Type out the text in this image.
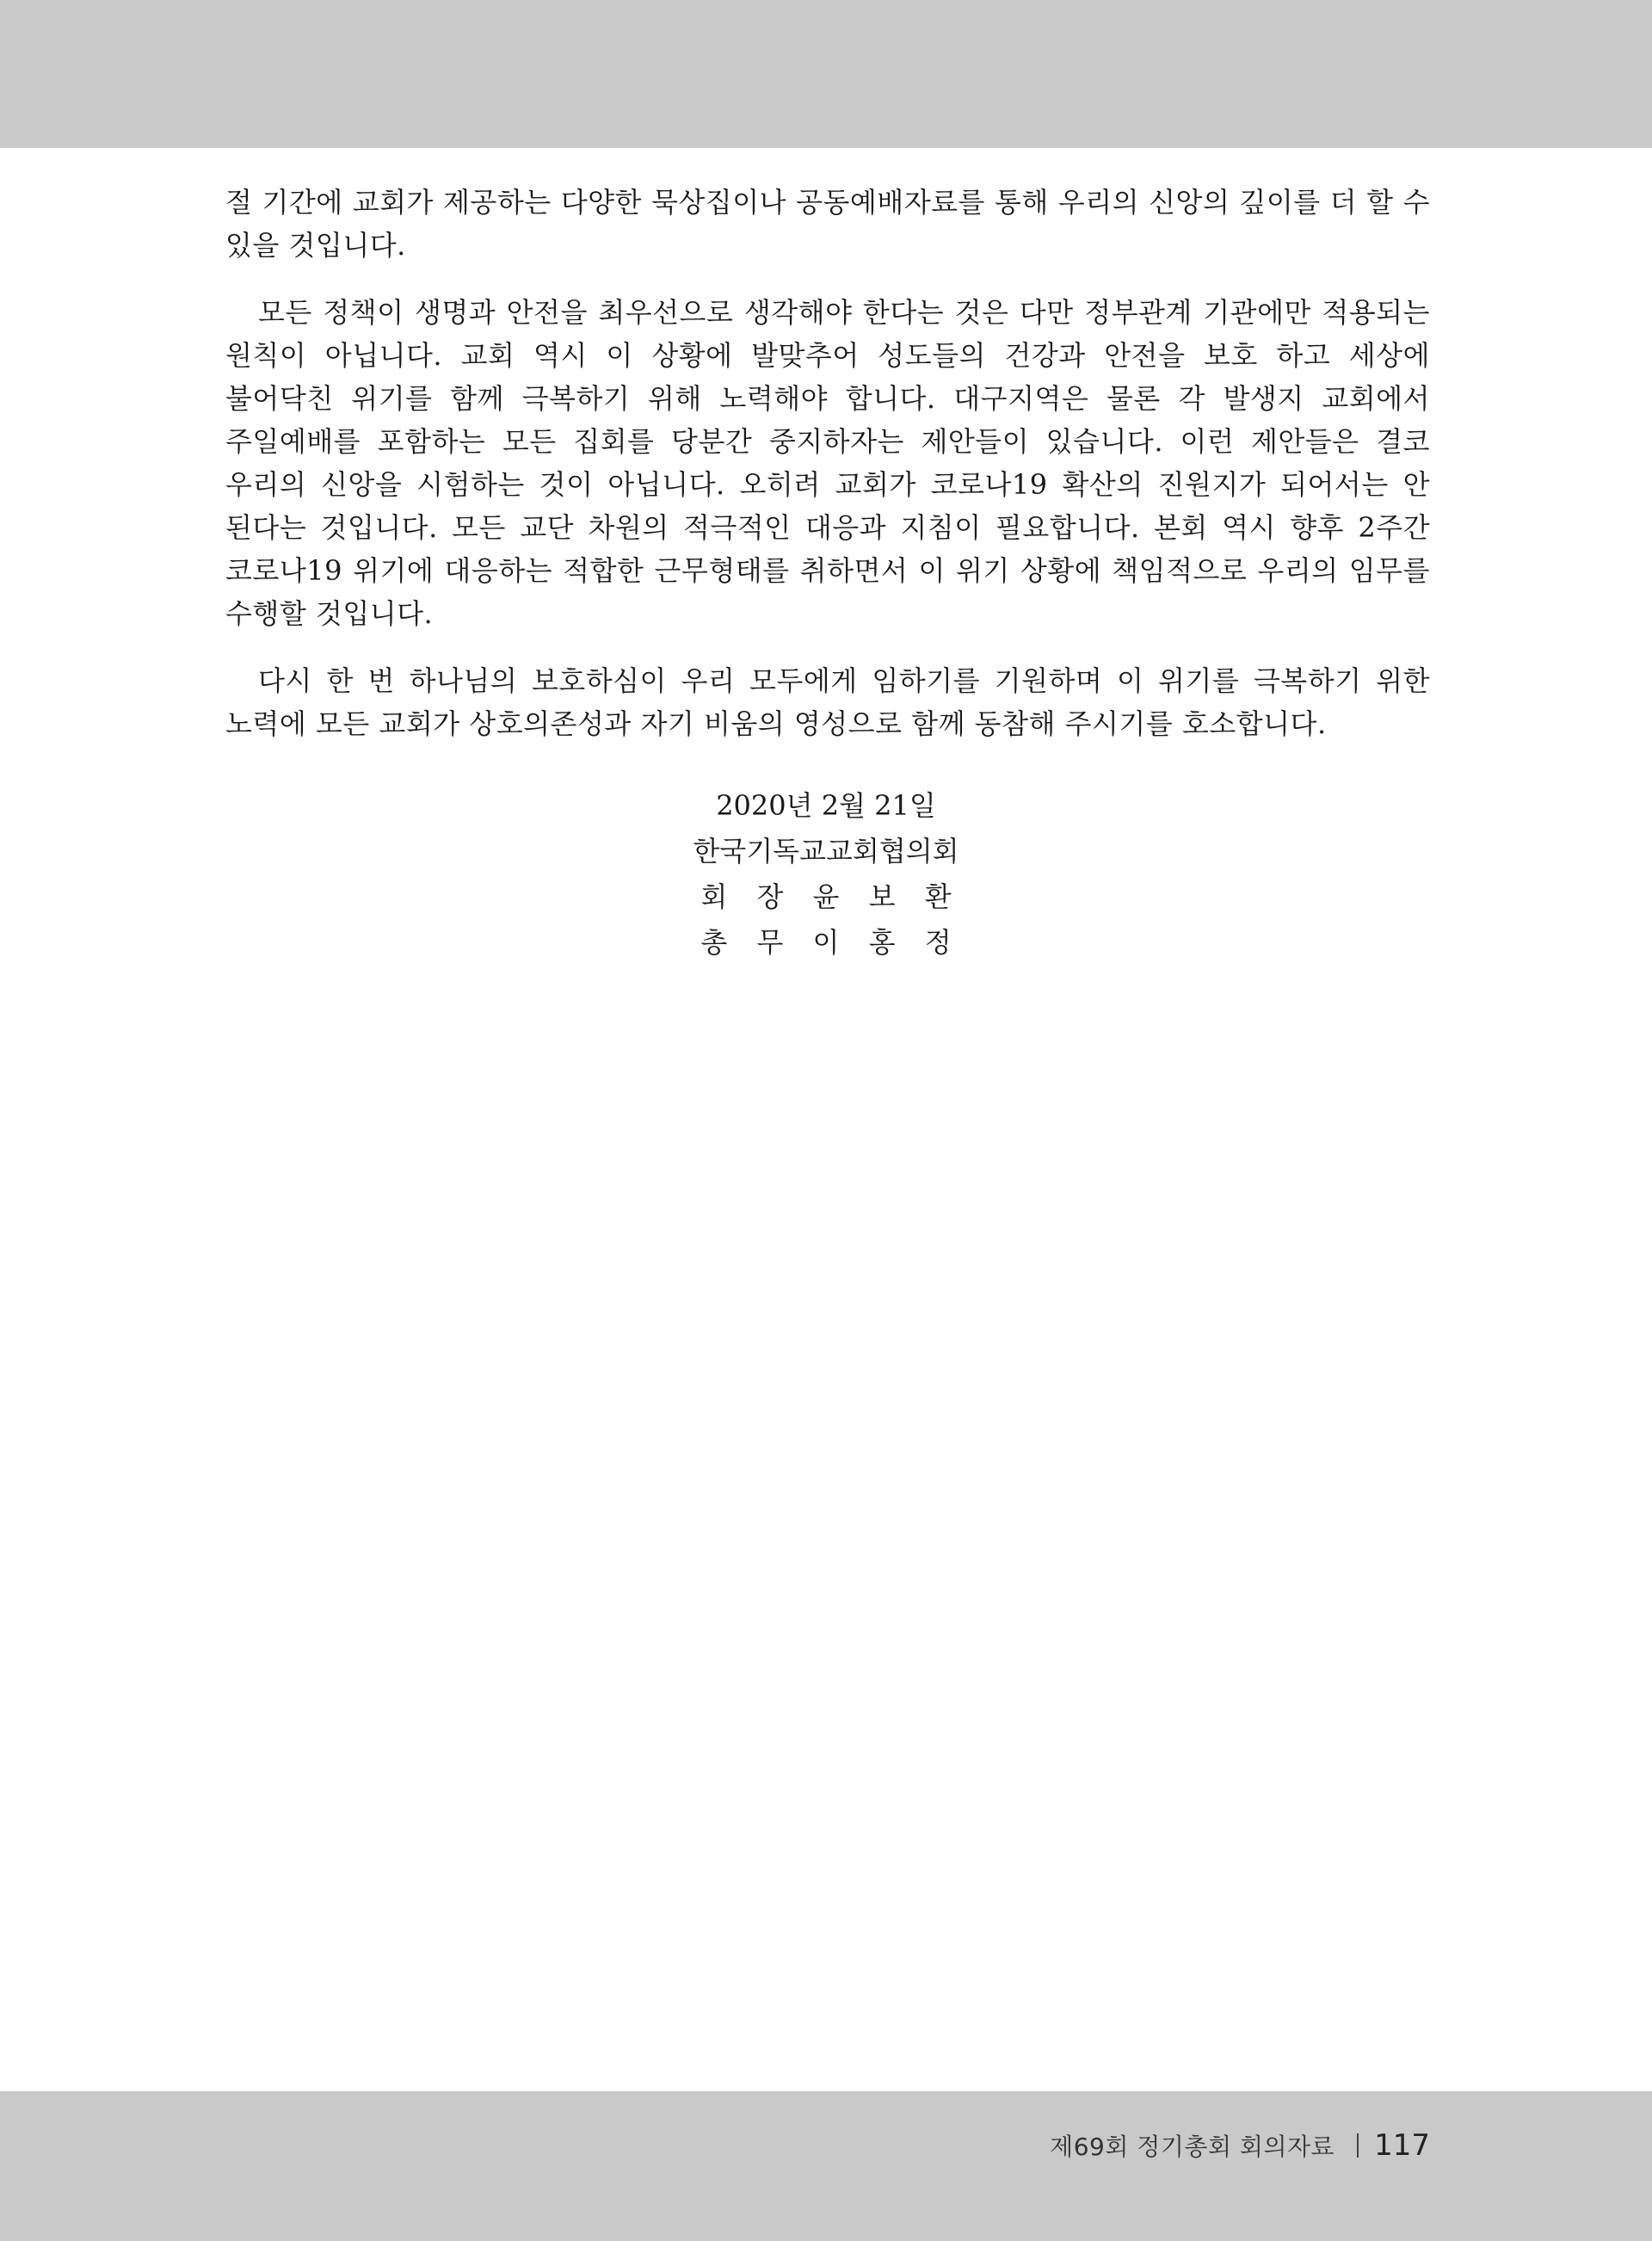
절 기간에 교회가 제공하는 다양한 묵상집이나 공동예배자료를 통해 우리의 신앙의 깊이를 더 할 수 있을 것입니다.

모든 정책이 생명과 안전을 최우선으로 생각해야 한다는 것은 다만 정부관계 기관에만 적용되는 원칙이 아닙니다. 교회 역시 이 상황에 발맞추어 성도들의 건강과 안전을 보호 하고 세상에 불어닥친 위기를 함께 극복하기 위해 노력해야 합니다. 대구지역은 물론 각 발생지 교회에서 주일예배를 포함하는 모든 집회를 당분간 중지하자는 제안들이 있습니다. 이런 제안들은 결코 우리의 신앙을 시험하는 것이 아닙니다. 오히려 교회가 코로나19 확산의 진원지가 되어서는 안 된다는 것입니다. 모든 교단 차원의 적극적인 대응과 지침이 필요합니다. 본회 역시 향후 2주간 코로나19 위기에 대응하는 적합한 근무형태를 취하면서 이 위기 상황에 책임적으로 우리의 임무를 수행할 것입니다.

다시 한 번 하나님의 보호하심이 우리 모두에게 임하기를 기원하며 이 위기를 극복하기 위한 노력에 모든 교회가 상호의존성과 자기 비움의 영성으로 함께 동참해 주시기를 호소합니다.

2020년 2월 21일
한국기독교교회협의회
회 장 윤 보 환
총 무 이 홍 정
제69회 정기총회 회의자료 117
